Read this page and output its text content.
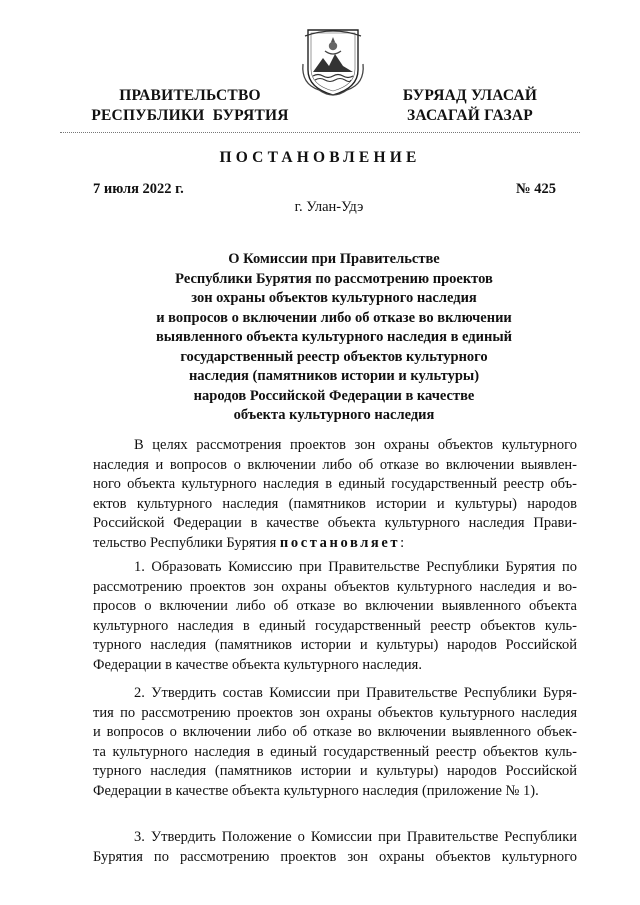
ПРАВИТЕЛЬСТВО
РЕСПУБЛИКИ  БУРЯТИЯ
БУРЯАД УЛАСАЙ
ЗАСАГАЙ ГАЗАР
ПОСТАНОВЛЕНИЕ
7 июля 2022 г.	№ 425
г. Улан-Удэ
О Комиссии при Правительстве
Республики Бурятия по рассмотрению проектов
зон охраны объектов культурного наследия
и вопросов о включении либо об отказе во включении
выявленного объекта культурного наследия в единый
государственный реестр объектов культурного
наследия (памятников истории и культуры)
народов Российской Федерации в качестве
объекта культурного наследия
В целях рассмотрения проектов зон охраны объектов культурного
наследия и вопросов о включении либо об отказе во включении выявлен-
ного объекта культурного наследия в единый государственный реестр объ-
ектов культурного наследия (памятников истории и культуры) народов
Российской Федерации в качестве объекта культурного наследия Прави-
тельство Республики Бурятия постановляет:
1. Образовать Комиссию при Правительстве Республики Бурятия по
рассмотрению проектов зон охраны объектов культурного наследия и во-
просов о включении либо об отказе во включении выявленного объекта
культурного наследия в единый государственный реестр объектов куль-
турного наследия (памятников истории и культуры) народов Российской
Федерации в качестве объекта культурного наследия.
2. Утвердить состав Комиссии при Правительстве Республики Буря-
тия по рассмотрению проектов зон охраны объектов культурного наследия
и вопросов о включении либо об отказе во включении выявленного объек-
та культурного наследия в единый государственный реестр объектов куль-
турного наследия (памятников истории и культуры) народов Российской
Федерации в качестве объекта культурного наследия (приложение № 1).
3. Утвердить Положение о Комиссии при Правительстве Республики
Бурятия по рассмотрению проектов зон охраны объектов культурного
